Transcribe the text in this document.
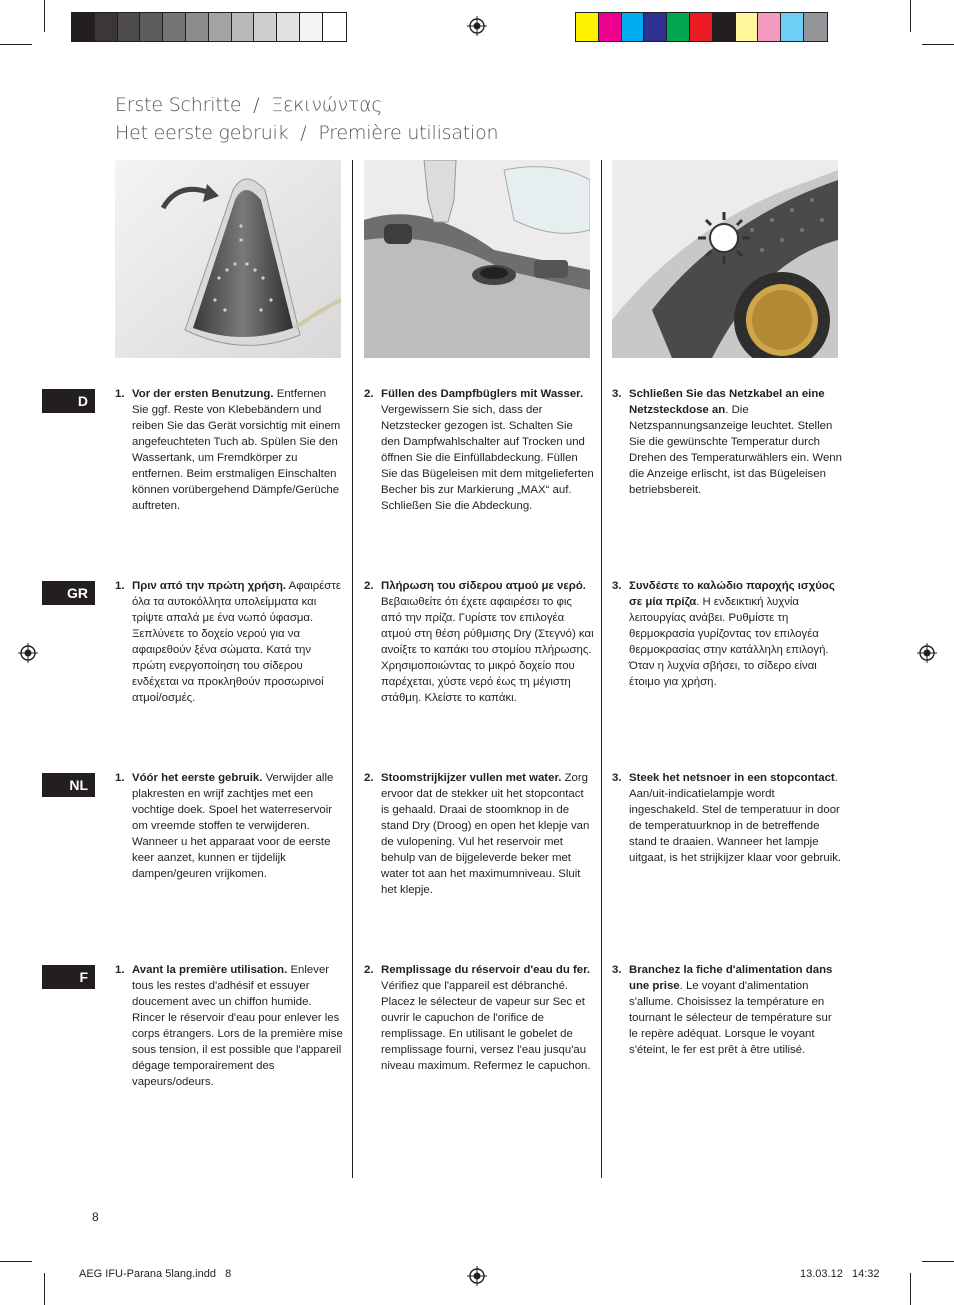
Erste Schritte / Ξεκινώντας
Het eerste gebruik / Première utilisation
D	1. Vor der ersten Benutzung. Entfernen Sie ggf. Reste von Klebebändern und reiben Sie das Gerät vorsichtig mit einem angefeuchteten Tuch ab. Spülen Sie den Wassertank, um Fremdkörper zu entfernen. Beim erstmaligen Einschalten können vorübergehend Dämpfe/Gerüche auftreten.
2. Füllen des Dampfbüglers mit Wasser. Vergewissern Sie sich, dass der Netzstecker gezogen ist. Schalten Sie den Dampfwahlschalter auf Trocken und öffnen Sie die Einfüllabdeckung. Füllen Sie das Bügeleisen mit dem mitgelieferten Becher bis zur Markierung „MAX“ auf. Schließen Sie die Abdeckung.
3. Schließen Sie das Netzkabel an eine Netzsteckdose an. Die Netzspannungsanzeige leuchtet. Stellen Sie die gewünschte Temperatur durch Drehen des Temperaturwählers ein. Wenn die Anzeige erlischt, ist das Bügeleisen betriebsbereit.
GR	1. Πριν από την πρώτη χρήση. Αφαιρέστε όλα τα αυτοκόλλητα υπολείμματα και τρίψτε απαλά με ένα νωπό ύφασμα. Ξεπλύνετε το δοχείο νερού για να αφαιρεθούν ξένα σώματα. Κατά την πρώτη ενεργοποίηση του σίδερου ενδέχεται να προκληθούν προσωρινοί ατμοί/οσμές.
2. Πλήρωση του σίδερου ατμού με νερό. Βεβαιωθείτε ότι έχετε αφαιρέσει το φις από την πρίζα. Γυρίστε τον επιλογέα ατμού στη θέση ρύθμισης Dry (Στεγνό) και ανοίξτε το καπάκι του στομίου πλήρωσης. Χρησιμοποιώντας το μικρό δοχείο που παρέχεται, χύστε νερό έως τη μέγιστη στάθμη. Κλείστε το καπάκι.
3. Συνδέστε το καλώδιο παροχής ισχύος σε μία πρίζα. Η ενδεικτική λυχνία λειτουργίας ανάβει. Ρυθμίστε τη θερμοκρασία γυρίζοντας τον επιλογέα θερμοκρασίας στην κατάλληλη επιλογή. Όταν η λυχνία σβήσει, το σίδερο είναι έτοιμο για χρήση.
NL	1. Vóór het eerste gebruik. Verwijder alle plakresten en wrijf zachtjes met een vochtige doek. Spoel het waterreservoir om vreemde stoffen te verwijderen. Wanneer u het apparaat voor de eerste keer aanzet, kunnen er tijdelijk dampen/geuren vrijkomen.
2. Stoomstrijkijzer vullen met water. Zorg ervoor dat de stekker uit het stopcontact is gehaald. Draai de stoomknop in de stand Dry (Droog) en open het klepje van de vulopening. Vul het reservoir met behulp van de bijgeleverde beker met water tot aan het maximumniveau. Sluit het klepje.
3. Steek het netsnoer in een stopcontact. Aan/uit-indicatielampje wordt ingeschakeld. Stel de temperatuur in door de temperatuurknop in de betreffende stand te draaien. Wanneer het lampje uitgaat, is het strijkijzer klaar voor gebruik.
F	1. Avant la première utilisation. Enlever tous les restes d'adhésif et essuyer doucement avec un chiffon humide. Rincer le réservoir d'eau pour enlever les corps étrangers. Lors de la première mise sous tension, il est possible que l'appareil dégage temporairement des vapeurs/odeurs.
2. Remplissage du réservoir d'eau du fer. Vérifiez que l'appareil est débranché. Placez le sélecteur de vapeur sur Sec et ouvrir le capuchon de l'orifice de remplissage. En utilisant le gobelet de remplissage fourni, versez l'eau jusqu'au niveau maximum. Refermez le capuchon.
3. Branchez la fiche d'alimentation dans une prise. Le voyant d'alimentation s'allume. Choisissez la température en tournant le sélecteur de température sur le repère adéquat. Lorsque le voyant s'éteint, le fer est prêt à être utilisé.
8
AEG IFU-Parana 5lang.indd   8	13.03.12   14:32
